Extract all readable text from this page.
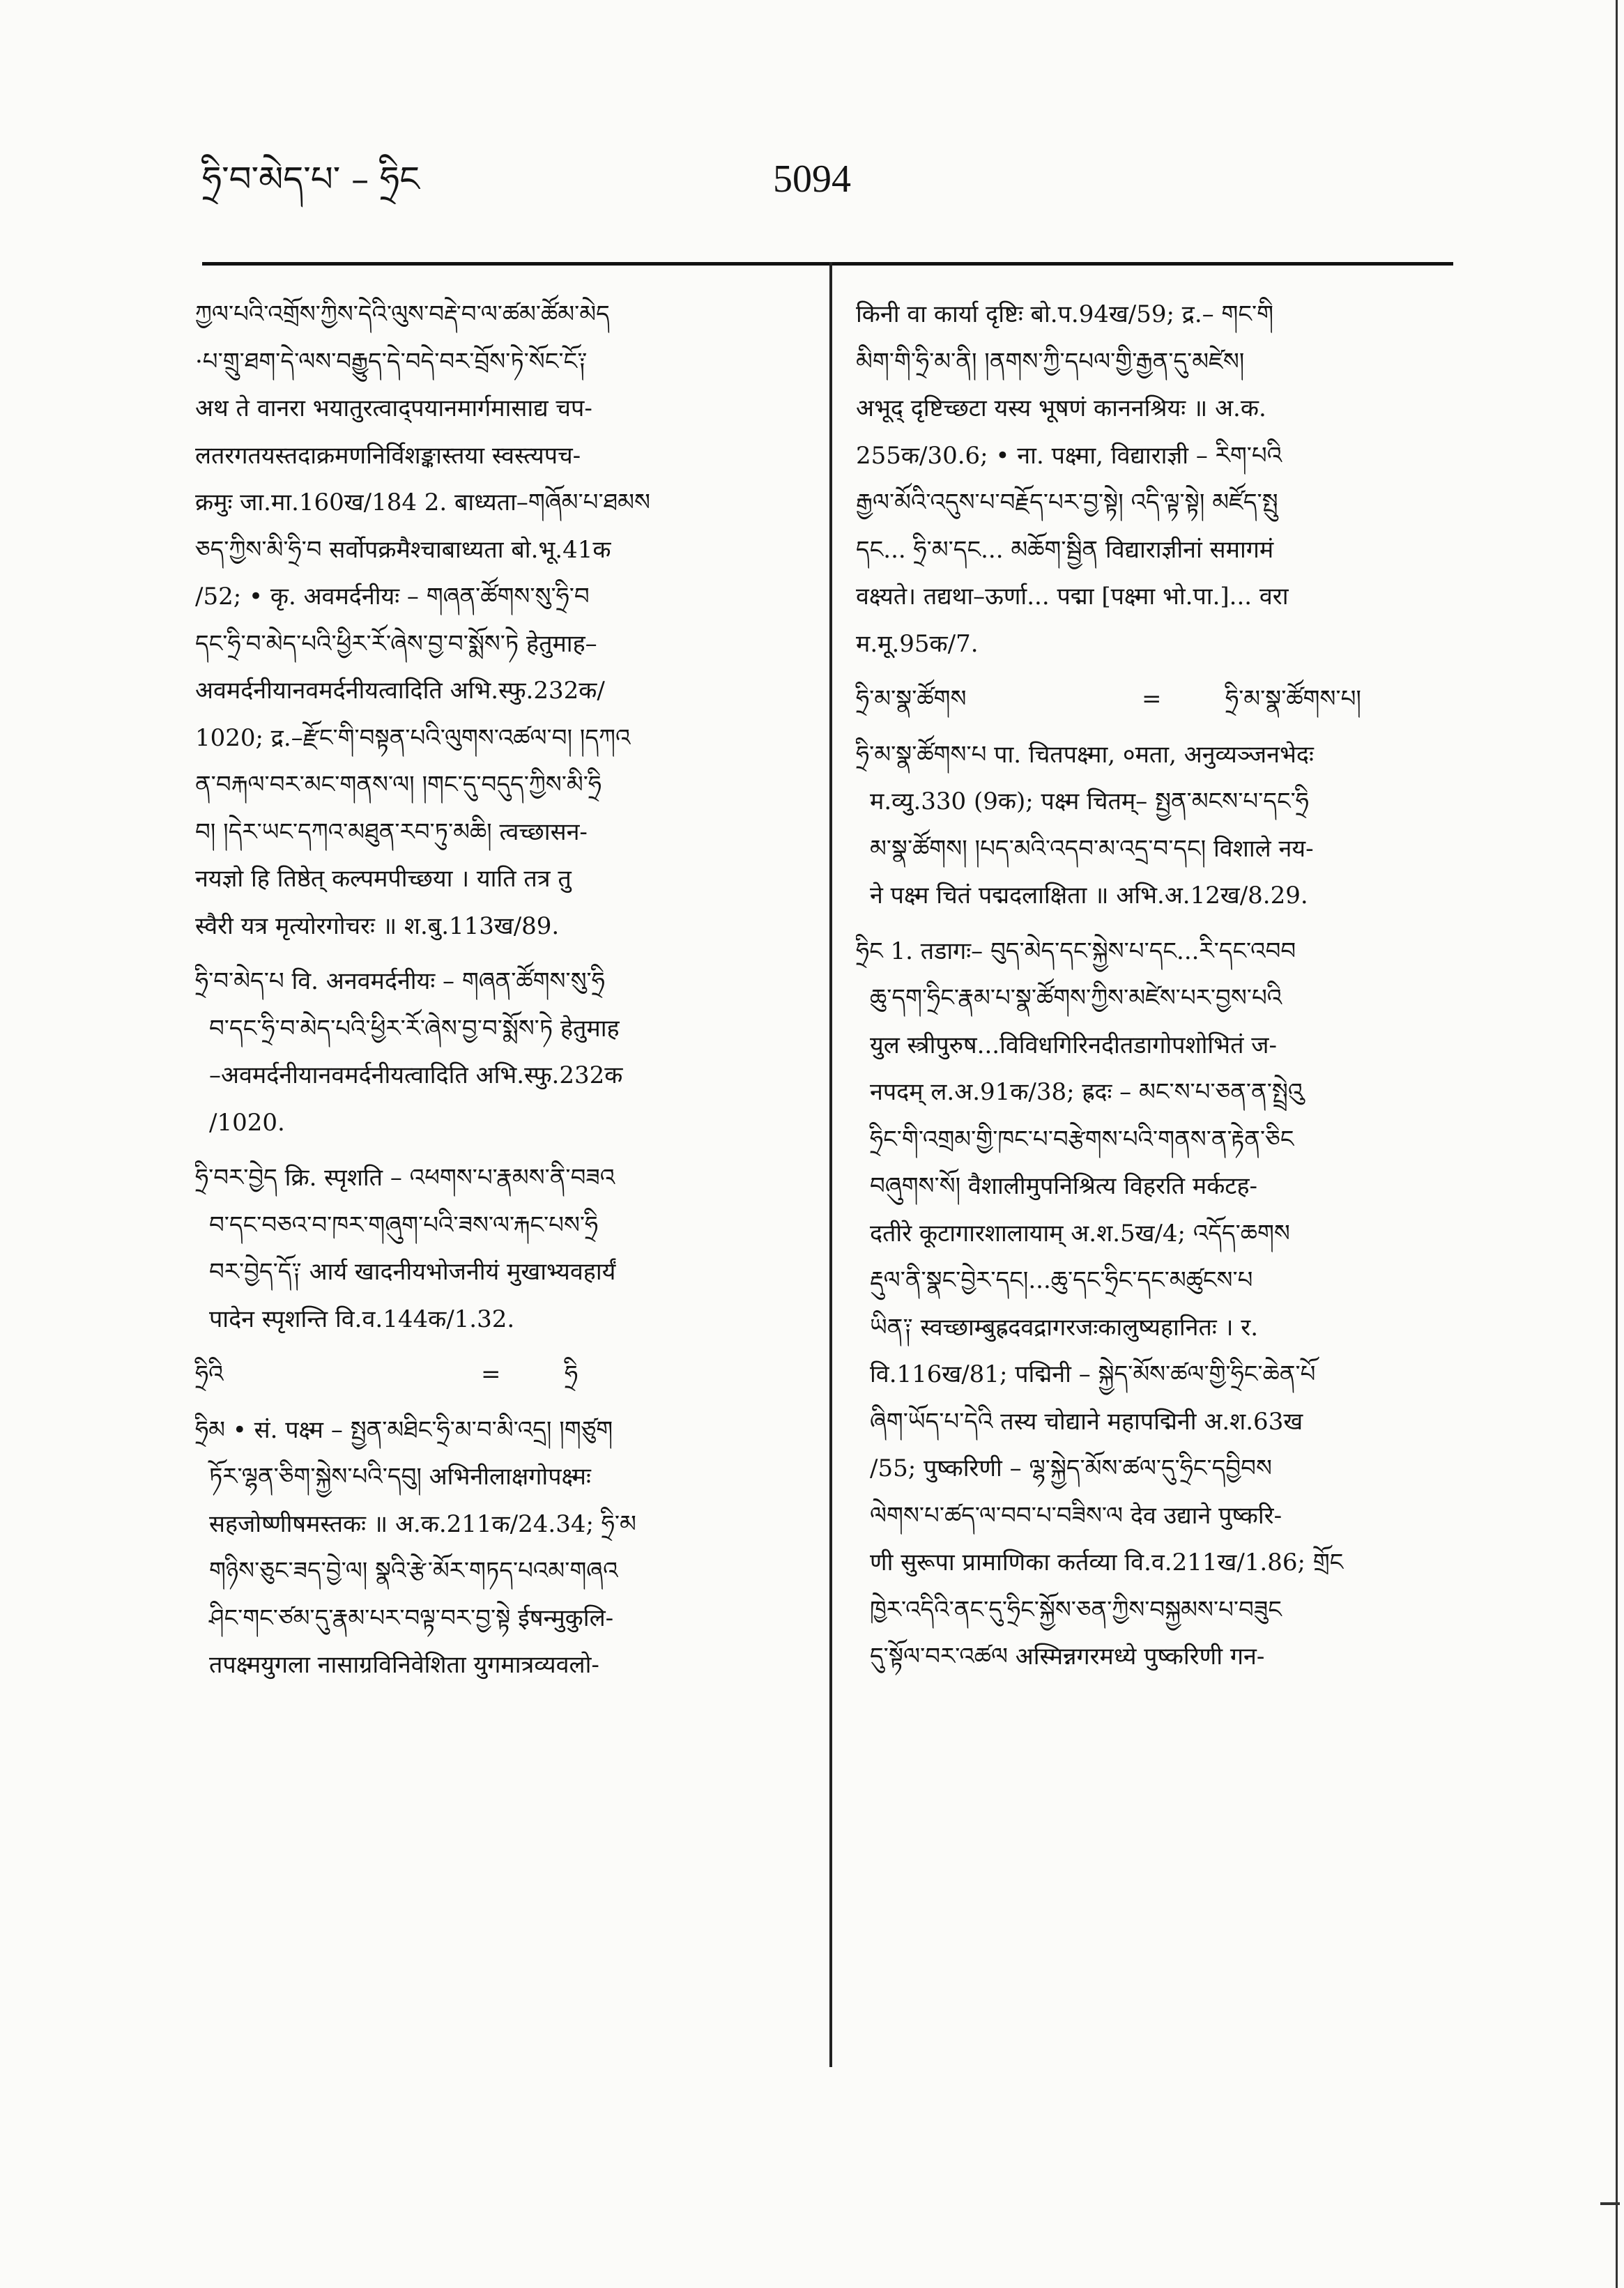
ཧྲི་བ་མེད་པ་ – ཧྲིང	5094
ཀྱལ་པའི་འགྲོས་ཀྱིས་དེའི་ལུས་བརྡེ་བ་ལ་ཚམ་ཚོམ་མེད
·པ་གྲུ་ཐག་དེ་ལས་བརྒྱུད་དེ་བདེ་བར་བྲོས་ཏེ་སོང་ངོ༑
अथ ते वानरा भयातुरत्वाद्पयानमार्गमासाद्य चप-
लतरगतयस्तदाक्रमणनिर्विशङ्कास्तया स्वस्त्यपच-
क्रमुः जा.मा.160ख/184 2. बाध्यता–གཞོམ་པ་ཐམས
ཅད་ཀྱིས་མི་ཧྲི་བ सर्वोपक्रमैश्चाबाध्यता बो.भू.41क
/52; • कृ. अवमर्दनीयः – གཞན་ཚོགས་སུ་ཧྲི་བ
དང་ཧྲི་བ་མེད་པའི་ཕྱིར་རོ་ཞེས་བྱ་བ་སྨོས་ཏེ हेतुमाह–
अवमर्दनीयानवमर्दनीयत्वादिति अभि.स्फु.232क/
1020; द्र.–རྫོང་གི་བསྟན་པའི་ལུགས་འཚལ་བ། །དཀའ
ན་བརྐལ་བར་མང་གནས་ལ། །གང་དུ་བདུད་ཀྱིས་མི་ཧྲི
བ། །དེར་ཡང་དཀའ་མཐུན་རབ་ཏུ་མཆི། त्वच्छासन-
नयज्ञो हि तिष्ठेत् कल्पमपीच्छया । याति तत्र तु
स्वैरी यत्र मृत्योरगोचरः ॥ श.बु.113ख/89.
ཧྲི་བ་མེད་པ वि. अनवमर्दनीयः – གཞན་ཚོགས་སུ་ཧྲི
བ་དང་ཧྲི་བ་མེད་པའི་ཕྱིར་རོ་ཞེས་བྱ་བ་སྨོས་ཏེ हेतुमाह
–अवमर्दनीयानवमर्दनीयत्वादिति अभि.स्फु.232क
/1020.
ཧྲི་བར་བྱེད क्रि. स्पृशति – འཕགས་པ་རྣམས་ནི་བཟའ
བ་དང་བཅའ་བ་ཁར་གཞུག་པའི་ཟས་ལ་རྐང་པས་ཧྲི
བར་བྱེད་དོ༑ आर्य खादनीयभोजनीयं मुखाभ्यवहार्यं
पादेन स्पृशन्ति वि.व.144क/1.32.
ཧྲིའི	=	ཧྲི
ཧྲིམ • सं. पक्ष्म – སྤྱན་མཐིང་ཧྲི་མ་བ་མི་འདྲ། །གཙུག
ཏོར་ལྷན་ཅིག་སྐྱེས་པའི་དབུ། अभिनीलाक्षगोपक्ष्मः
सहजोष्णीषमस्तकः ॥ अ.क.211क/24.34; ཧྲི་མ
གཉིས་ཅུང་ཟད་བྱེ་ལ། སྣའི་རྩེ་མོར་གཏད་པའམ་གཞའ
ཤིང་གང་ཙམ་དུ་རྣམ་པར་བལྟ་བར་བྱ་སྟེ ईषन्मुकुलि-
तपक्ष्मयुगला नासाग्रविनिवेशिता युगमात्रव्यवलो-
किनी वा कार्या दृष्टिः बो.प.94ख/59; द्र.– གང་གི
མིག་གི་ཧྲི་མ་ནི། །ནགས་ཀྱི་དཔལ་གྱི་རྒྱན་དུ་མཛེས།
अभूद् दृष्टिच्छटा यस्य भूषणं काननश्रियः ॥ अ.क.
255क/30.6; • ना. पक्ष्मा, विद्याराज्ञी – རིག་པའི
རྒྱལ་མོའི་འདུས་པ་བརྗོད་པར་བྱ་སྟེ། འདི་ལྟ་སྟེ། མཛོད་སྤུ
དང... ཧྲི་མ་དང... མཆོག་སྦྱིན विद्याराज्ञीनां समागमं
वक्ष्यते। तद्यथा–ऊर्णा... पद्मा [पक्ष्मा भो.पा.]... वरा
म.मू.95क/7.
ཧྲི་མ་སྣ་ཚོགས	=	ཧྲི་མ་སྣ་ཚོགས་པ།
ཧྲི་མ་སྣ་ཚོགས་པ पा. चितपक्ष्मा, ०मता, अनुव्यञ्जनभेदः
म.व्यु.330 (9क); पक्ष्म चितम्– སྤྱན་མངས་པ་དང་ཧྲི
མ་སྣ་ཚོགས། །པད་མའི་འདབ་མ་འདྲ་བ་དང། विशाले नय-
ने पक्ष्म चितं पद्मदलाक्षिता ॥ अभि.अ.12ख/8.29.
ཧྲིང 1. तडागः– བུད་མེད་དང་སྐྱེས་པ་དང...རི་དང་འབབ
ཆུ་དག་ཧྲིང་རྣམ་པ་སྣ་ཚོགས་ཀྱིས་མཛེས་པར་བྱས་པའི
युल स्त्रीपुरुष...विविधगिरिनदीतडागोपशोभितं ज-
नपदम् ल.अ.91क/38; ह्रदः – མང་ས་པ་ཅན་ན་སྤྲེའུ
ཧྲིང་གི་འགྲམ་གྱི་ཁང་པ་བརྩེགས་པའི་གནས་ན་རྟེན་ཅིང
བཞུགས་སོ། वैशालीमुपनिश्रित्य विहरति मर्कटह-
दतीरे कूटागारशालायाम् अ.श.5ख/4; འདོད་ཆགས
རྡུལ་ནི་སྣང་བྱེར་དང།...ཆུ་དང་ཧྲིང་དང་མཚུངས་པ
ཡིན༑ स्वच्छाम्बुह्रदवद्रागरजःकालुष्यहानितः । र.
वि.116ख/81; पद्मिनी – སྐྱེད་མོས་ཚལ་གྱི་ཧྲིང་ཆེན་པོ
ཞིག་ཡོད་པ་དེའི तस्य चोद्याने महापद्मिनी अ.श.63ख
/55; पुष्करिणी – ལྷ་སྐྱེད་མོས་ཚལ་དུ་ཧྲིང་དབྱིབས
ལེགས་པ་ཚད་ལ་བབ་པ་བཟིས་ལ देव उद्याने पुष्करि-
णी सुरूपा प्रामाणिका कर्तव्या वि.व.211ख/1.86; གྲོང
ཁྱེར་འདིའི་ནང་དུ་ཧྲིང་སྐྱོས་ཅན་ཀྱིས་བསྐྱམས་པ་བཟུང
དུ་སྟོལ་བར་འཚལ अस्मिन्नगरमध्ये पुष्करिणी गन-
